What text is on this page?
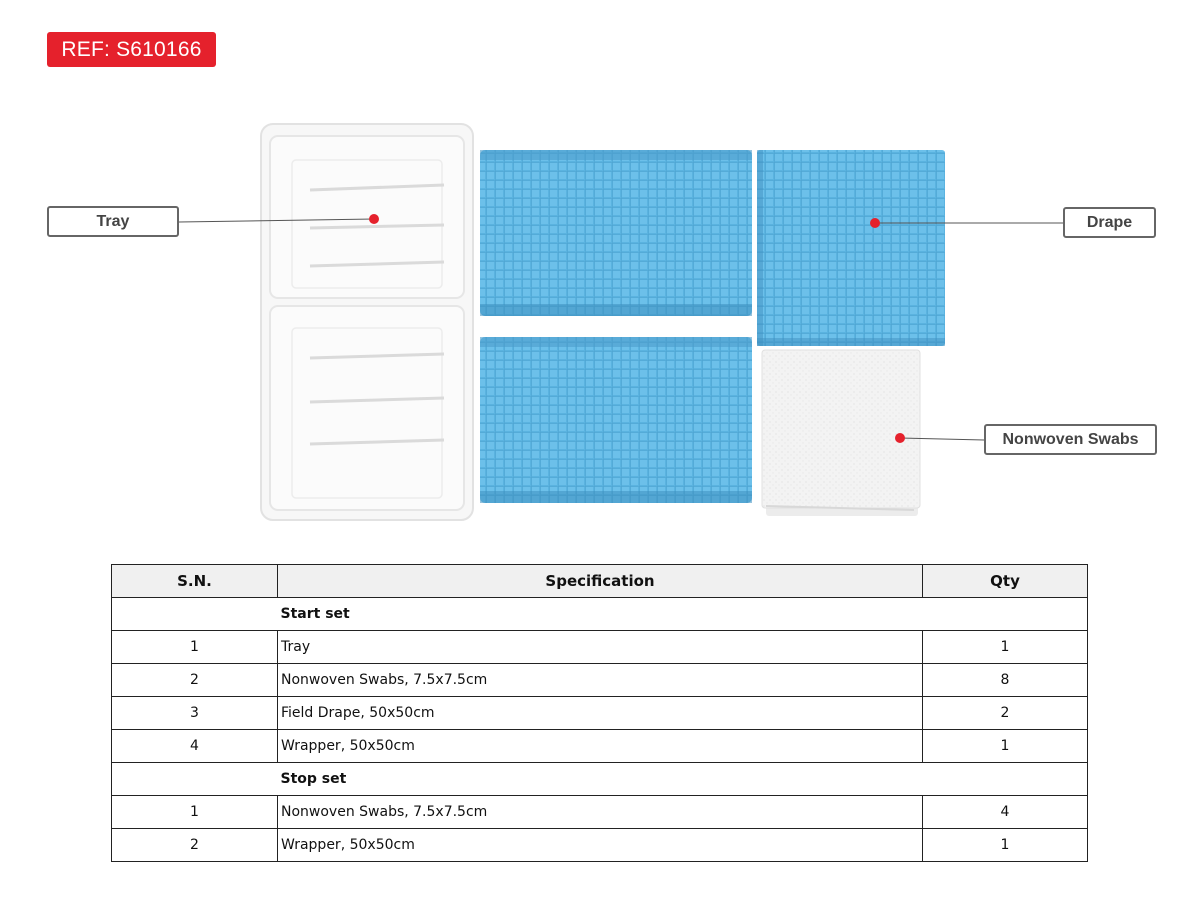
REF: S610166
Tray	Drape
Nonwoven Swabs
S.N.	Specification	Qty
	Start set	
1	Tray	1
2	Nonwoven Swabs, 7.5x7.5cm	8
3	Field Drape, 50x50cm	2
4	Wrapper, 50x50cm	1
	Stop set	
1	Nonwoven Swabs, 7.5x7.5cm	4
2	Wrapper, 50x50cm	1
